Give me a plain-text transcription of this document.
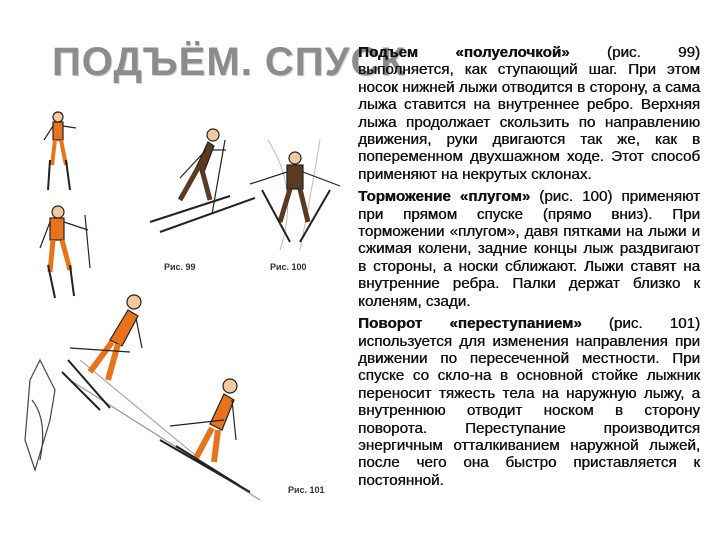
ПОДЪЁМ. СПУСК
Рис. 99	Рис. 100
Рис. 101

Подъем «полуелочкой» (рис. 99) выполняется, как ступающий шаг. При этом носок нижней лыжи отводится в сторону, а сама лыжа ставится на внутреннее ребро. Верхняя лыжа продолжает скользить по направлению движения, руки двигаются так же, как в попеременном двухшажном ходе. Этот способ применяют на некрутых склонах.

Торможение «плугом» (рис. 100) применяют при прямом спуске (прямо вниз). При торможении «плугом», давя пятками на лыжи и сжимая колени, задние концы лыж раздвигают в стороны, а носки сближают. Лыжи ставят на внутренние ребра. Палки держат близко к коленям, сзади.

Поворот «переступанием» (рис. 101) используется для изменения направления при движении по пересеченной местности. При спуске со скло-на в основной стойке лыжник переносит тяжесть тела на наружную лыжу, а внутреннюю отводит носком в сторону поворота. Переступание производится энергичным отталкиванием наружной лыжей, после чего она быстро приставляется к постоянной.
